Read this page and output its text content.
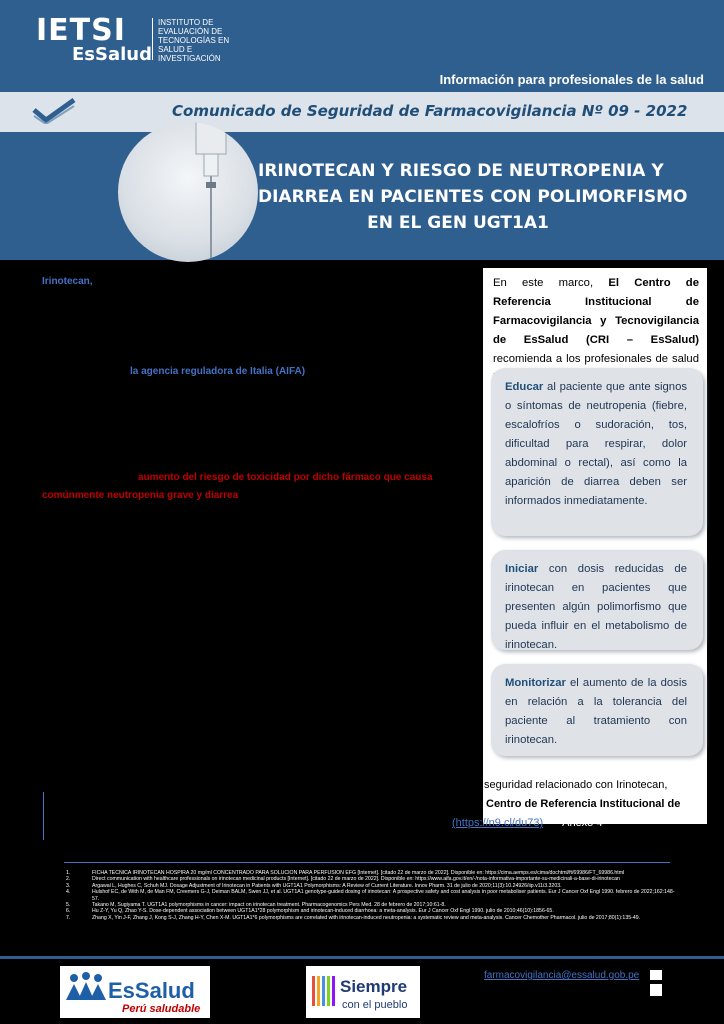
IETSI
EsSalud
INSTITUTO DE
EVALUACIÓN DE
TECNOLOGÍAS EN
SALUD E
INVESTIGACIÓN
Información para profesionales de la salud
Comunicado de Seguridad de Farmacovigilancia Nº 09 - 2022
IRINOTECAN Y RIESGO DE NEUTROPENIA Y
DIARREA EN PACIENTES CON POLIMORFISMO
EN EL GEN UGT1A1
Irinotecan,
la agencia reguladora de Italia (AIFA)
aumento del riesgo de toxicidad por dicho fármaco que causa
comúnmente neutropenia grave y diarrea
En este marco, El Centro de Referencia Institucional de Farmacovigilancia y Tecnovigilancia de EsSalud (CRI – EsSalud) recomienda a los profesionales de salud
Educar al paciente que ante signos o síntomas de neutropenia (fiebre, escalofríos o sudoración, tos, dificultad para respirar, dolor abdominal o rectal), así como la aparición de diarrea deben ser informados inmediatamente.
Iniciar con dosis reducidas de irinotecan en pacientes que presenten algún polimorfismo que pueda influir en el metabolismo de irinotecan.
Monitorizar el aumento de la dosis en relación a la tolerancia del paciente al tratamiento con irinotecan.
seguridad relacionado con Irinotecan,
Centro de Referencia Institucional de
(https://n9.cl/du73) - Anexo 4
1.	FICHA TECNICA IRINOTECAN HOSPIRA 20 mg/ml CONCENTRADO PARA SOLUCION PARA PERFUSION EFG [Internet]. [citado 22 de marzo de 2022]. Disponible en: https://cima.aemps.es/cima/dochtml/ft/69986/FT_69986.html
2.	Direct communication with healthcare professionals on irinotecan medicinal products [Internet]. [citado 22 de marzo de 2022]. Disponible en: https://www.aifa.gov.it/en/-/nota-informativa-importante-su-medicinali-a-base-di-irinotecan
3.	Argawal L, Hughes C, Schuh MJ. Dosage Adjustment of Irinotecan in Patients with UGT1A1 Polymorphisms: A Review of Current Literature. Innov Pharm. 31 de julio de 2020;11(3):10.24926/iip.v11i3.3203.
4.	Hulshof EC, de With M, de Man FM, Creemers G-J, Deiman BALM, Swen JJ, et al. UGT1A1 genotype-guided dosing of irinotecan: A prospective safety and cost analysis in poor metaboliser patients. Eur J Cancer Oxf Engl 1990. febrero de 2022;162:148-57.
5.	Takano M, Sugiyama T. UGT1A1 polymorphisms in cancer: impact on irinotecan treatment. Pharmacogenomics Pers Med. 28 de febrero de 2017;10:61-8.
6.	Hu Z-Y, Yu Q, Zhao Y-S. Dose-dependent association between UGT1A1*28 polymorphism and irinotecan-induced diarrhoea: a meta-analysis. Eur J Cancer Oxf Engl 1990. julio de 2010;46(10):1856-65.
7.	Zhang X, Yin J-F, Zhang J, Kong S-J, Zhang H-Y, Chen X-M. UGT1A1*6 polymorphisms are correlated with irinotecan-induced neutropenia: a systematic review and meta-analysis. Cancer Chemother Pharmacol. julio de 2017;80(1):135-49.
EsSalud
Perú saludable
Siempre
con el pueblo
farmacovigilancia@essalud.gob.pe
